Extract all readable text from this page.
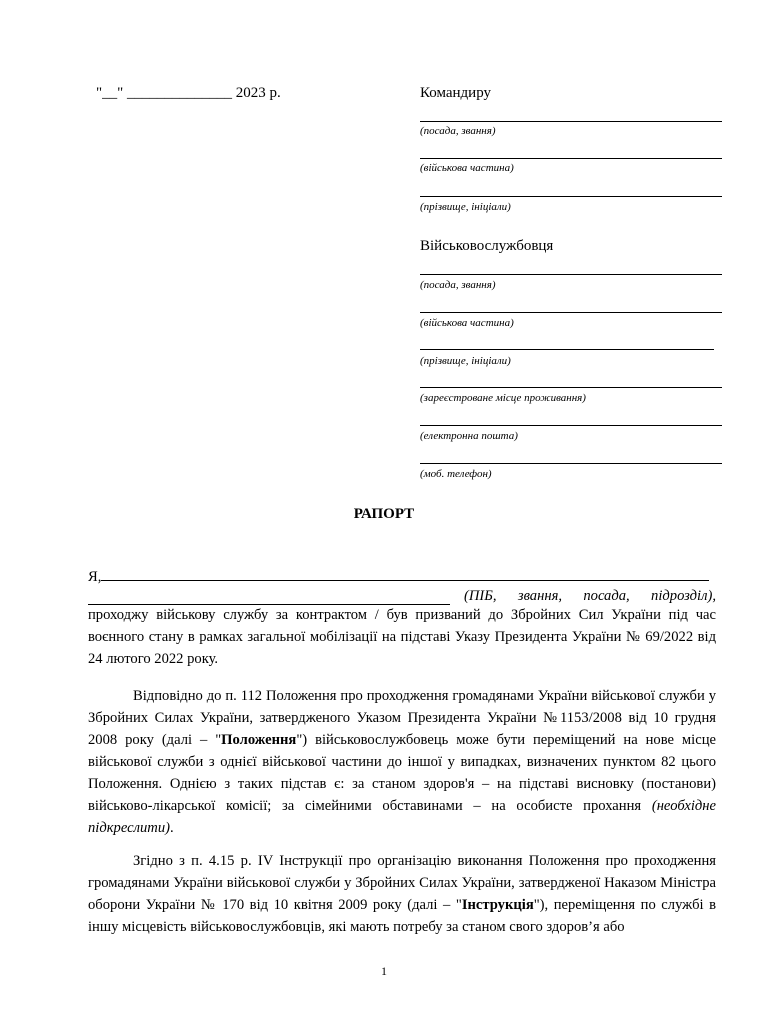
"__" ______________ 2023 р.	Командиру
(посада, звання)
(військова частина)
(прізвище, ініціали)
Військовослужбовця
(посада, звання)
(військова частина)
(прізвище, ініціали)
(зареєстроване місце проживання)
(електронна пошта)
(моб. телефон)
РАПОРТ
Я,
(ПІБ, звання, посада, підрозділ),
проходжу військову службу за контрактом / був призваний до Збройних Сил України під час воєнного стану в рамках загальної мобілізації на підставі Указу Президента України № 69/2022 від 24 лютого 2022 року.
Відповідно до п. 112 Положення про проходження громадянами України військової служби у Збройних Силах України, затвердженого Указом Президента України №1153/2008 від 10 грудня 2008 року (далі – "Положення") військовослужбовець може бути переміщений на нове місце військової служби з однієї військової частини до іншої у випадках, визначених пунктом 82 цього Положення. Однією з таких підстав є: за станом здоров'я – на підставі висновку (постанови) військово-лікарської комісії; за сімейними обставинами – на особисте прохання (необхідне підкреслити).
Згідно з п. 4.15 р. IV Інструкції про організацію виконання Положення про проходження громадянами України військової служби у Збройних Силах України, затвердженої Наказом Міністра оборони України № 170 від 10 квітня 2009 року (далі – "Інструкція"), переміщення по службі в іншу місцевість військовослужбовців, які мають потребу за станом свого здоров’я або
1
